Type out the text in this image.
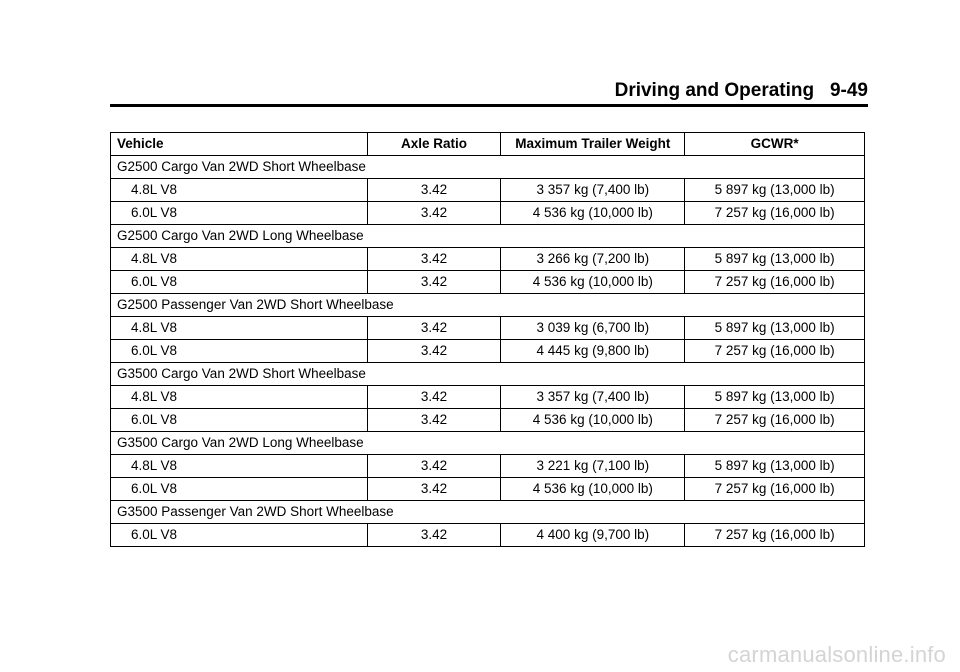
Driving and Operating 9-49
Vehicle	Axle Ratio	Maximum Trailer Weight	GCWR*
G2500 Cargo Van 2WD Short Wheelbase			
4.8L V8	3.42	3 357 kg (7,400 lb)	5 897 kg (13,000 lb)
6.0L V8	3.42	4 536 kg (10,000 lb)	7 257 kg (16,000 lb)
G2500 Cargo Van 2WD Long Wheelbase			
4.8L V8	3.42	3 266 kg (7,200 lb)	5 897 kg (13,000 lb)
6.0L V8	3.42	4 536 kg (10,000 lb)	7 257 kg (16,000 lb)
G2500 Passenger Van 2WD Short Wheelbase			
4.8L V8	3.42	3 039 kg (6,700 lb)	5 897 kg (13,000 lb)
6.0L V8	3.42	4 445 kg (9,800 lb)	7 257 kg (16,000 lb)
G3500 Cargo Van 2WD Short Wheelbase			
4.8L V8	3.42	3 357 kg (7,400 lb)	5 897 kg (13,000 lb)
6.0L V8	3.42	4 536 kg (10,000 lb)	7 257 kg (16,000 lb)
G3500 Cargo Van 2WD Long Wheelbase			
4.8L V8	3.42	3 221 kg (7,100 lb)	5 897 kg (13,000 lb)
6.0L V8	3.42	4 536 kg (10,000 lb)	7 257 kg (16,000 lb)
G3500 Passenger Van 2WD Short Wheelbase			
6.0L V8	3.42	4 400 kg (9,700 lb)	7 257 kg (16,000 lb)
carmanualsonline.info
